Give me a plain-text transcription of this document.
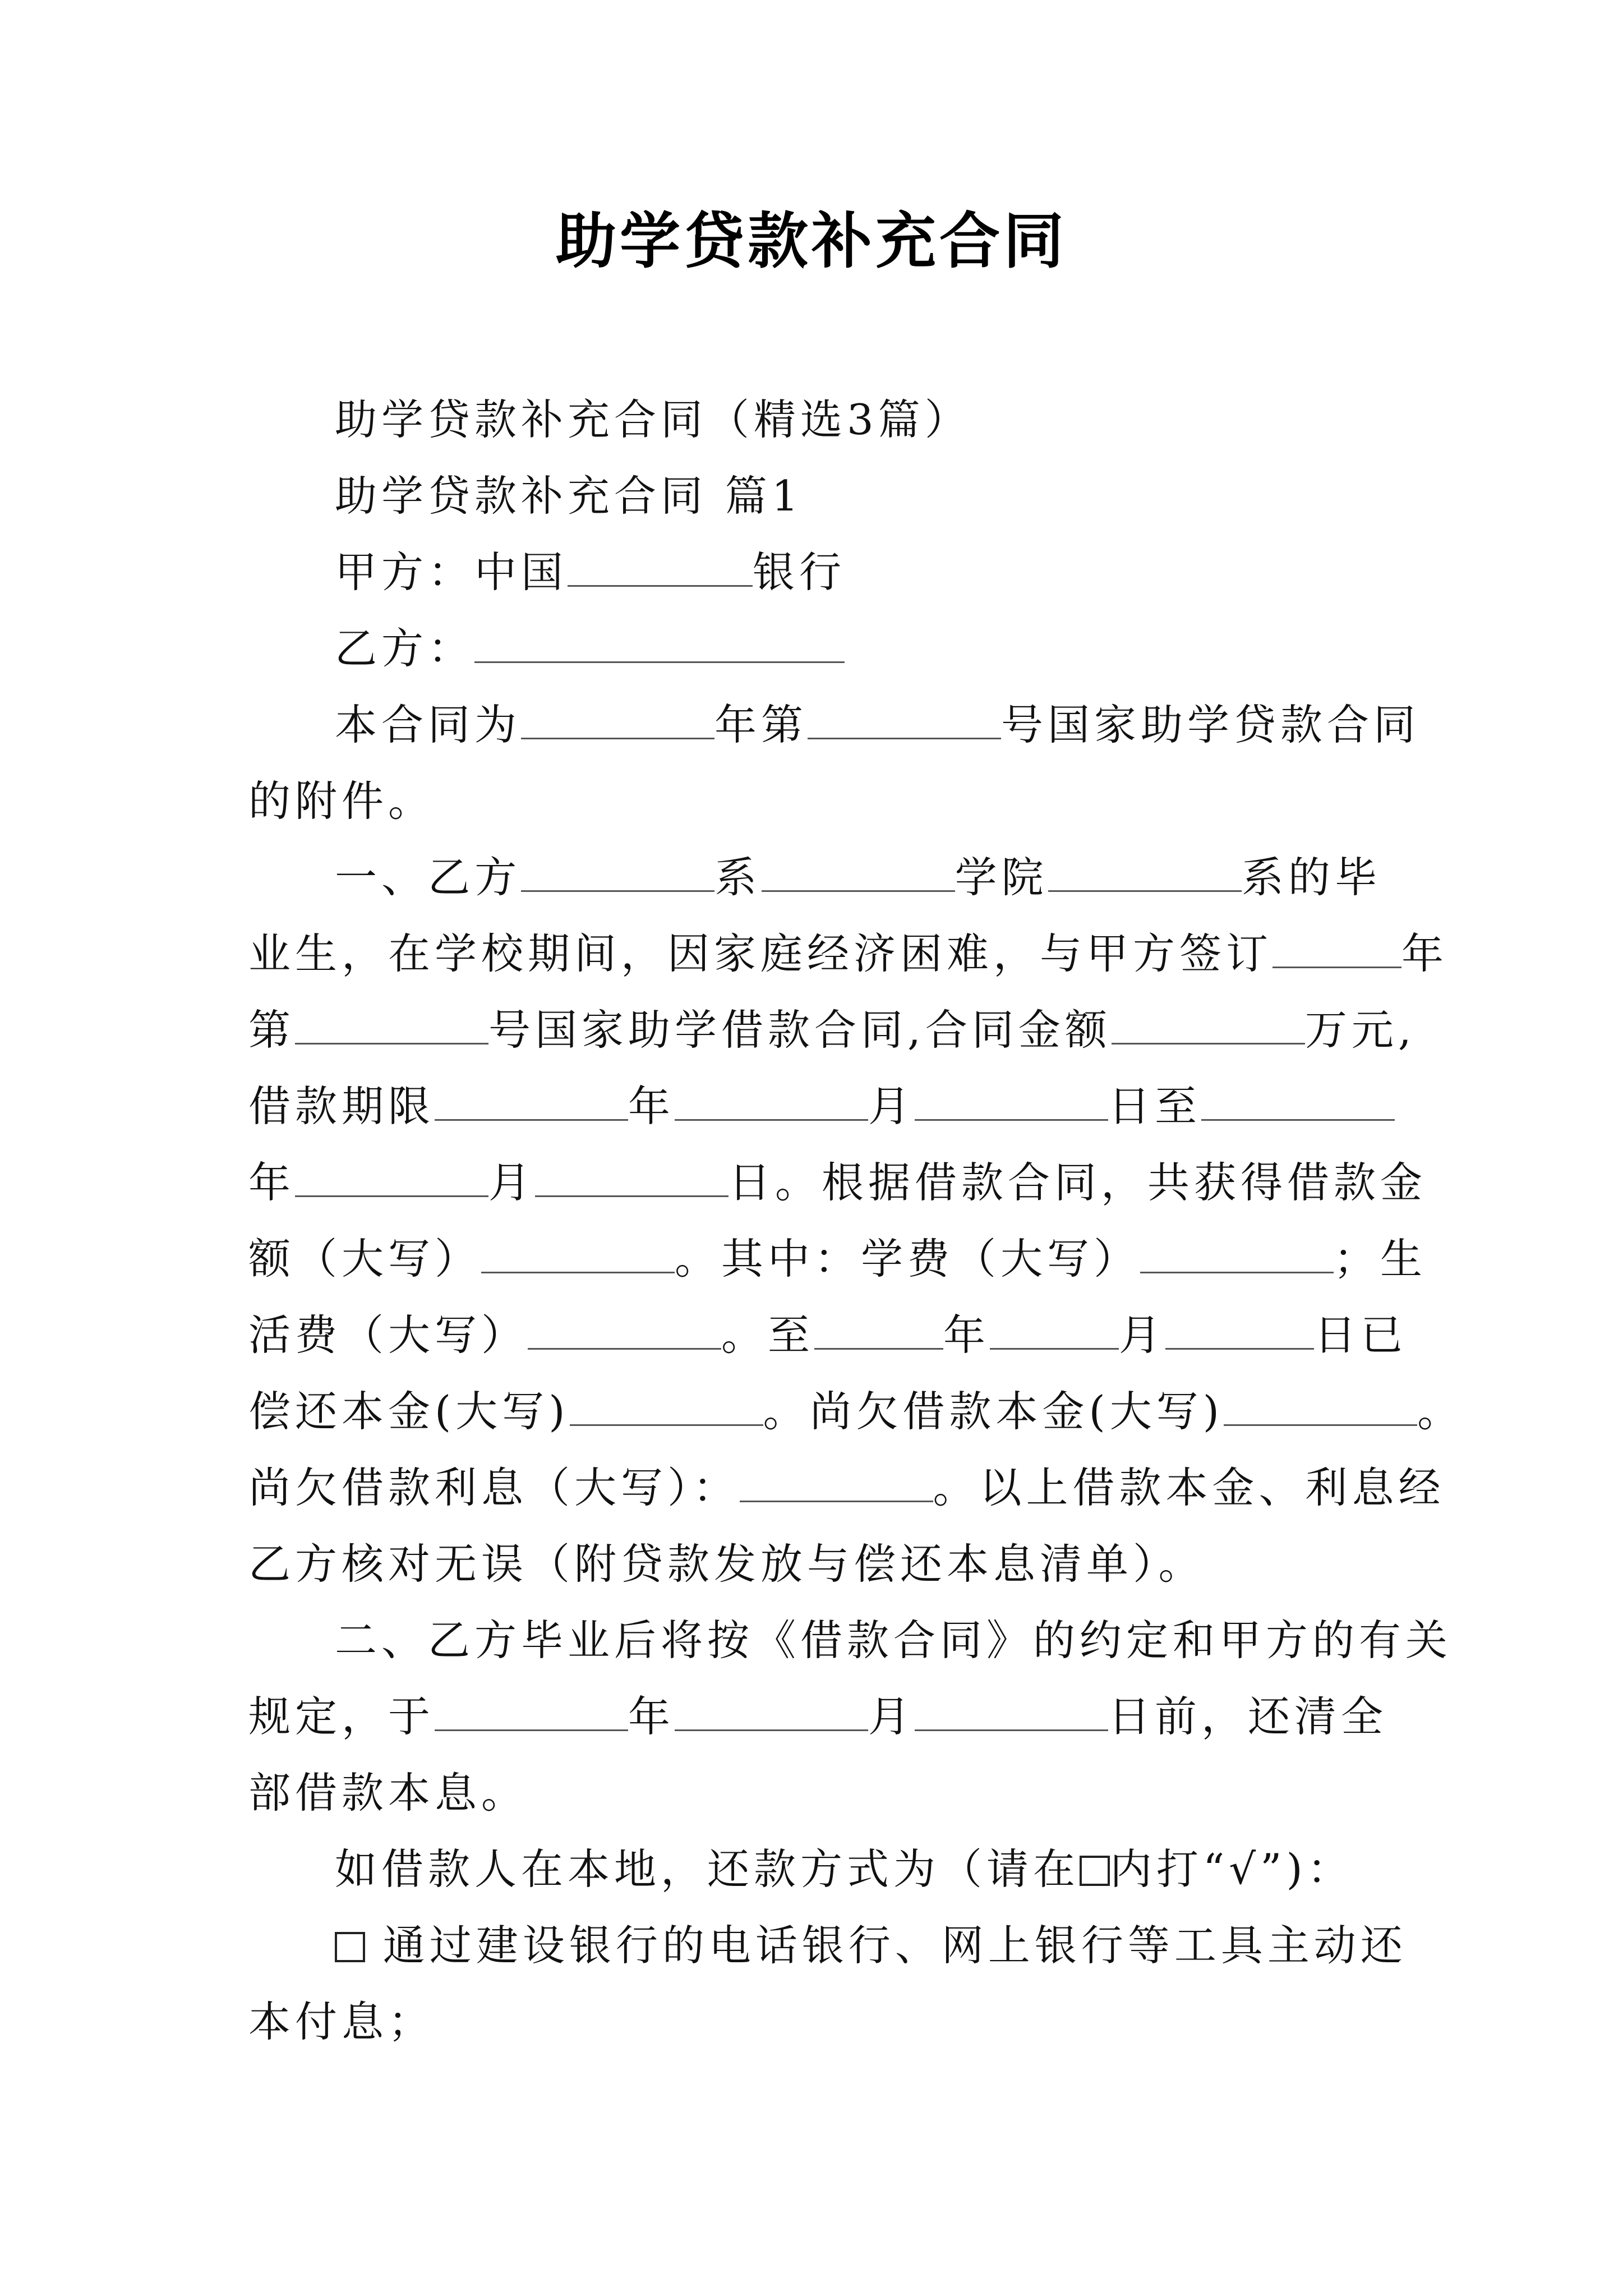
助学贷款补充合同
助学贷款补充合同（精选3篇）
助学贷款补充合同 篇1
甲方：中国	银行
乙方：
本合同为	年第	号国家助学贷款合同
的附件。
一、乙方	系	学院	系的毕
业生，在学校期间，因家庭经济困难，与甲方签订	年
第	号国家助学借款合同,合同金额	万元,
借款期限	年	月	日至
年	月	日。根据借款合同，共获得借款金
额（大写）	。其中：学费（大写）	；生
活费（大写）	。至	年	月	日已
偿还本金(大写)	。尚欠借款本金(大写)	。
尚欠借款利息（大写）：	。以上借款本金、利息经
乙方核对无误（附贷款发放与偿还本息清单）。
二、乙方毕业后将按《借款合同》的约定和甲方的有关
规定，于	年	月	日前，还清全
部借款本息。
如借款人在本地，还款方式为（请在 内打“√”)：
通过建设银行的电话银行、网上银行等工具主动还
本付息；
